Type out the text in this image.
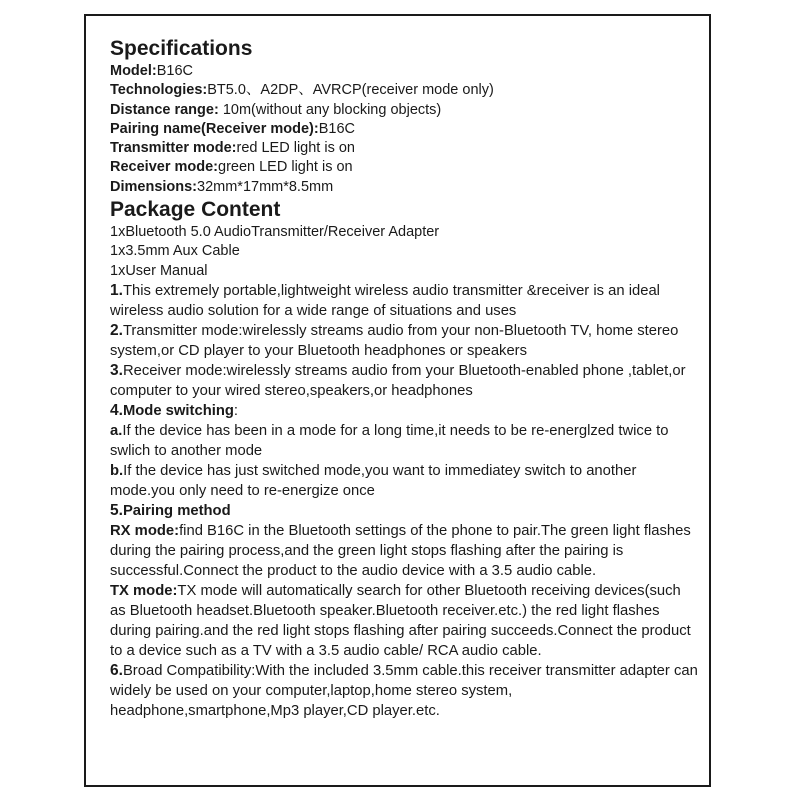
Specifications
Model:B16C
Technologies:BT5.0、A2DP、AVRCP(receiver mode only)
Distance range: 10m(without any blocking objects)
Pairing name(Receiver mode):B16C
Transmitter mode:red LED light is on
Receiver mode:green LED light is on
Dimensions:32mm*17mm*8.5mm
Package Content
1xBluetooth 5.0 AudioTransmitter/Receiver Adapter
1x3.5mm Aux Cable
1xUser Manual
1.This extremely portable,lightweight wireless audio transmitter &receiver is an ideal wireless audio solution for a wide range of situations and uses
2.Transmitter mode:wirelessly streams audio from your non-Bluetooth TV, home stereo system,or CD player to your Bluetooth headphones or speakers
3.Receiver mode:wirelessly streams audio from your Bluetooth-enabled phone ,tablet,or computer to your wired stereo,speakers,or headphones
4.Mode switching:
a.If the device has been in a mode for a long time,it needs to be re-energlzed twice to swlich to another mode
b.If the device has just switched mode,you want to immediatey switch to another mode.you only need to re-energize once
5.Pairing method
RX mode:find B16C in the Bluetooth settings of the phone to pair.The green light flashes during the pairing process,and the green light stops flashing after the pairing is successful.Connect the product to the audio device with a 3.5 audio cable.
TX mode:TX mode will automatically search for other Bluetooth receiving devices(such as Bluetooth headset.Bluetooth speaker.Bluetooth receiver.etc.) the red light flashes during pairing.and the red light stops flashing after pairing succeeds.Connect the product to a device such as a TV with a 3.5 audio cable/ RCA audio cable.
6.Broad Compatibility:With the included 3.5mm cable.this receiver transmitter adapter can widely be used on your computer,laptop,home stereo system, headphone,smartphone,Mp3 player,CD player.etc.
